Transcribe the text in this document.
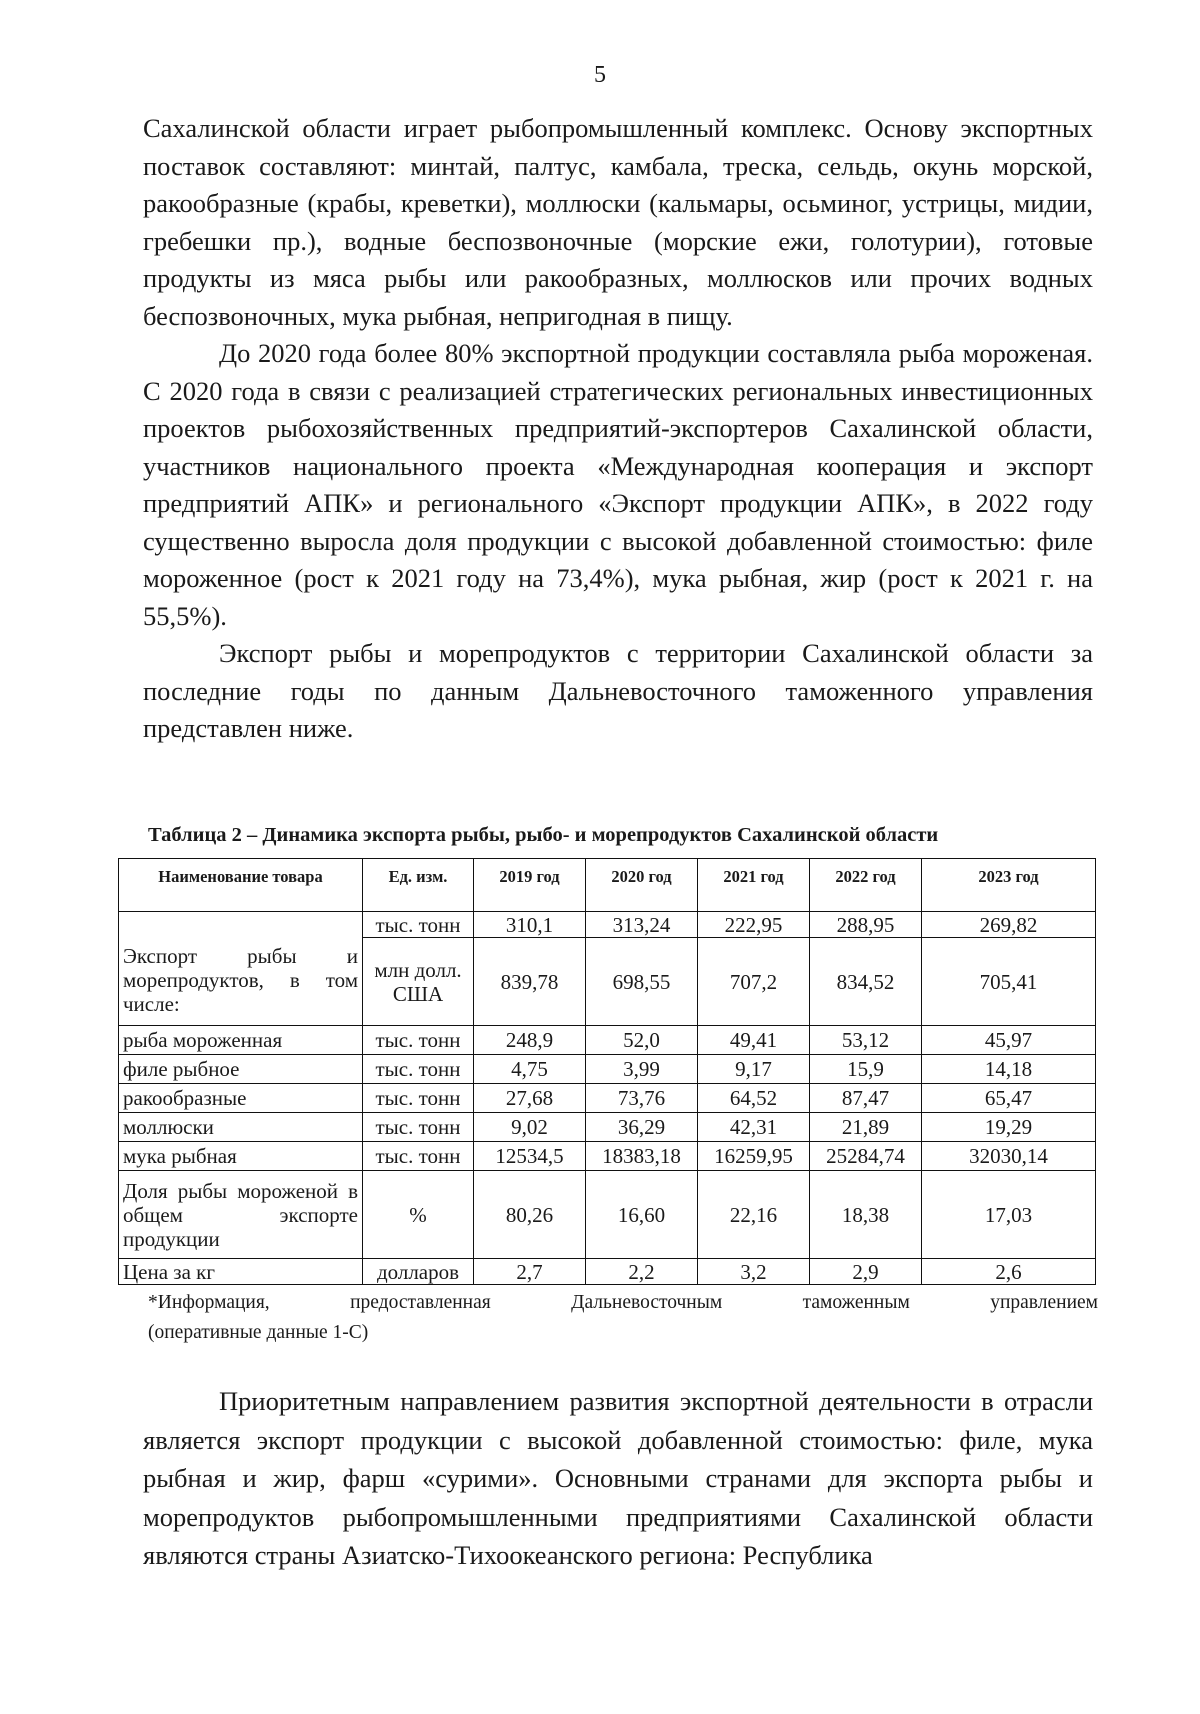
5

Сахалинской области играет рыбопромышленный комплекс. Основу экспортных поставок составляют: минтай, палтус, камбала, треска, сельдь, окунь морской, ракообразные (крабы, креветки), моллюски (кальмары, осьминог, устрицы, мидии, гребешки пр.), водные беспозвоночные (морские ежи, голотурии), готовые продукты из мяса рыбы или ракообразных, моллюсков или прочих водных беспозвоночных, мука рыбная, непригодная в пищу.

До 2020 года более 80% экспортной продукции составляла рыба мороженая. С 2020 года в связи с реализацией стратегических региональных инвестиционных проектов рыбохозяйственных предприятий-экспортеров Сахалинской области, участников национального проекта «Международная кооперация и экспорт предприятий АПК» и регионального «Экспорт продукции АПК», в 2022 году существенно выросла доля продукции с высокой добавленной стоимостью: филе мороженное (рост к 2021 году на 73,4%), мука рыбная, жир (рост к 2021 г. на 55,5%).

Экспорт рыбы и морепродуктов с территории Сахалинской области за последние годы по данным Дальневосточного таможенного управления представлен ниже.

Таблица 2 – Динамика экспорта рыбы, рыбо- и морепродуктов Сахалинской области
Наименование товара	Ед. изм.	2019 год	2020 год	2021 год	2022 год	2023 год
Экспорт рыбы и морепродуктов, в том числе:	тыс. тонн	310,1	313,24	222,95	288,95	269,82
	млн долл. США	839,78	698,55	707,2	834,52	705,41
рыба мороженная	тыс. тонн	248,9	52,0	49,41	53,12	45,97
филе рыбное	тыс. тонн	4,75	3,99	9,17	15,9	14,18
ракообразные	тыс. тонн	27,68	73,76	64,52	87,47	65,47
моллюски	тыс. тонн	9,02	36,29	42,31	21,89	19,29
мука рыбная	тыс. тонн	12534,5	18383,18	16259,95	25284,74	32030,14
Доля рыбы мороженой в общем экспорте продукции	%	80,26	16,60	22,16	18,38	17,03
Цена за кг	долларов	2,7	2,2	3,2	2,9	2,6

*Информация, предоставленная Дальневосточным таможенным управлением

(оперативные данные 1-С)

Приоритетным направлением развития экспортной деятельности в отрасли является экспорт продукции с высокой добавленной стоимостью: филе, мука рыбная и жир, фарш «сурими». Основными странами для экспорта рыбы и морепродуктов рыбопромышленными предприятиями Сахалинской области являются страны Азиатско-Тихоокеанского региона: Республика
